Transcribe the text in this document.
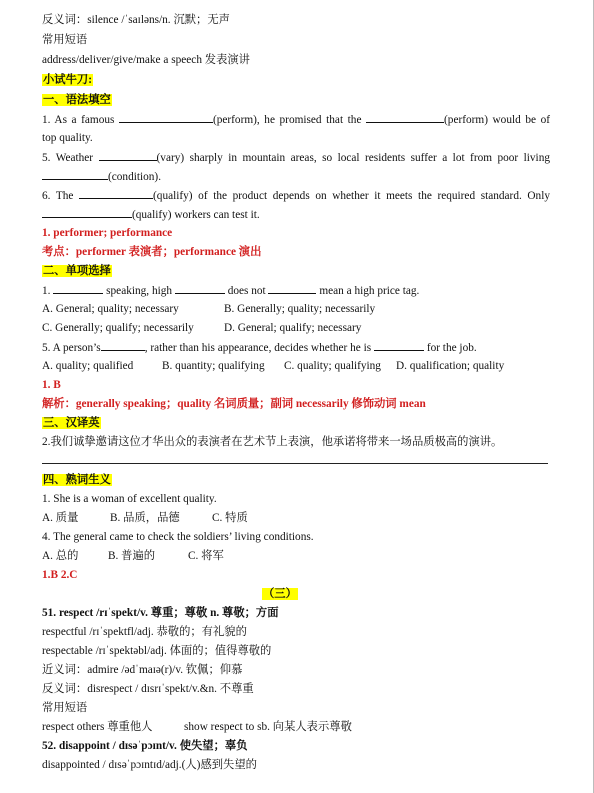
反义词：silence /ˈsaɪləns/n. 沉默；无声
常用短语
address/deliver/give/make a speech 发表演讲
小试牛刀:
一、语法填空
1. As a famous	(perform), he promised that the	(perform) would be of
top quality.
5. Weather	(vary) sharply in mountain areas, so local residents suffer a lot from poor living
(condition).
6. The	(qualify) of the product depends on whether it meets the required standard. Only
(qualify) workers can test it.
1. performer; performance
考点：performer 表演者；performance 演出
二、单项选择
1.	speaking, high	does not	mean a high price tag.
A. General; quality; necessary	B. Generally; quality; necessarily
C. Generally; qualify; necessarily	D. General; qualify; necessary
5. A person’s	, rather than his appearance, decides whether he is	for the job.
A. quality; qualified	B. quantity; qualifying C. quality; qualifying D. qualification; quality
1. B
解析：generally speaking；quality 名词质量；副词 necessarily 修饰动词 mean
三、汉译英
2.我们诚挚邀请这位才华出众的表演者在艺术节上表演，他承诺将带来一场品质极高的演讲。
四、熟词生义
1. She is a woman of excellent quality.
A. 质量	B. 品质，品德	C. 特质
4. The general came to check the soldiers’ living conditions.
A. 总的	B. 普遍的	C. 将军
1.B 2.C
（三）
51. respect /rɪˈspekt/v. 尊重；尊敬 n. 尊敬；方面
respectful /rɪˈspektfl/adj. 恭敬的；有礼貌的
respectable /rɪˈspektəbl/adj. 体面的；值得尊敬的
近义词：admire /ədˈmaɪə(r)/v. 钦佩；仰慕
反义词：disrespect / dɪsrɪˈspekt/v.&n. 不尊重
常用短语
respect others 尊重他人	show respect to sb. 向某人表示尊敬
52. disappoint / dɪsəˈpɔɪnt/v. 使失望；辜负
disappointed / dɪsəˈpɔɪntɪd/adj.(人)感到失望的
